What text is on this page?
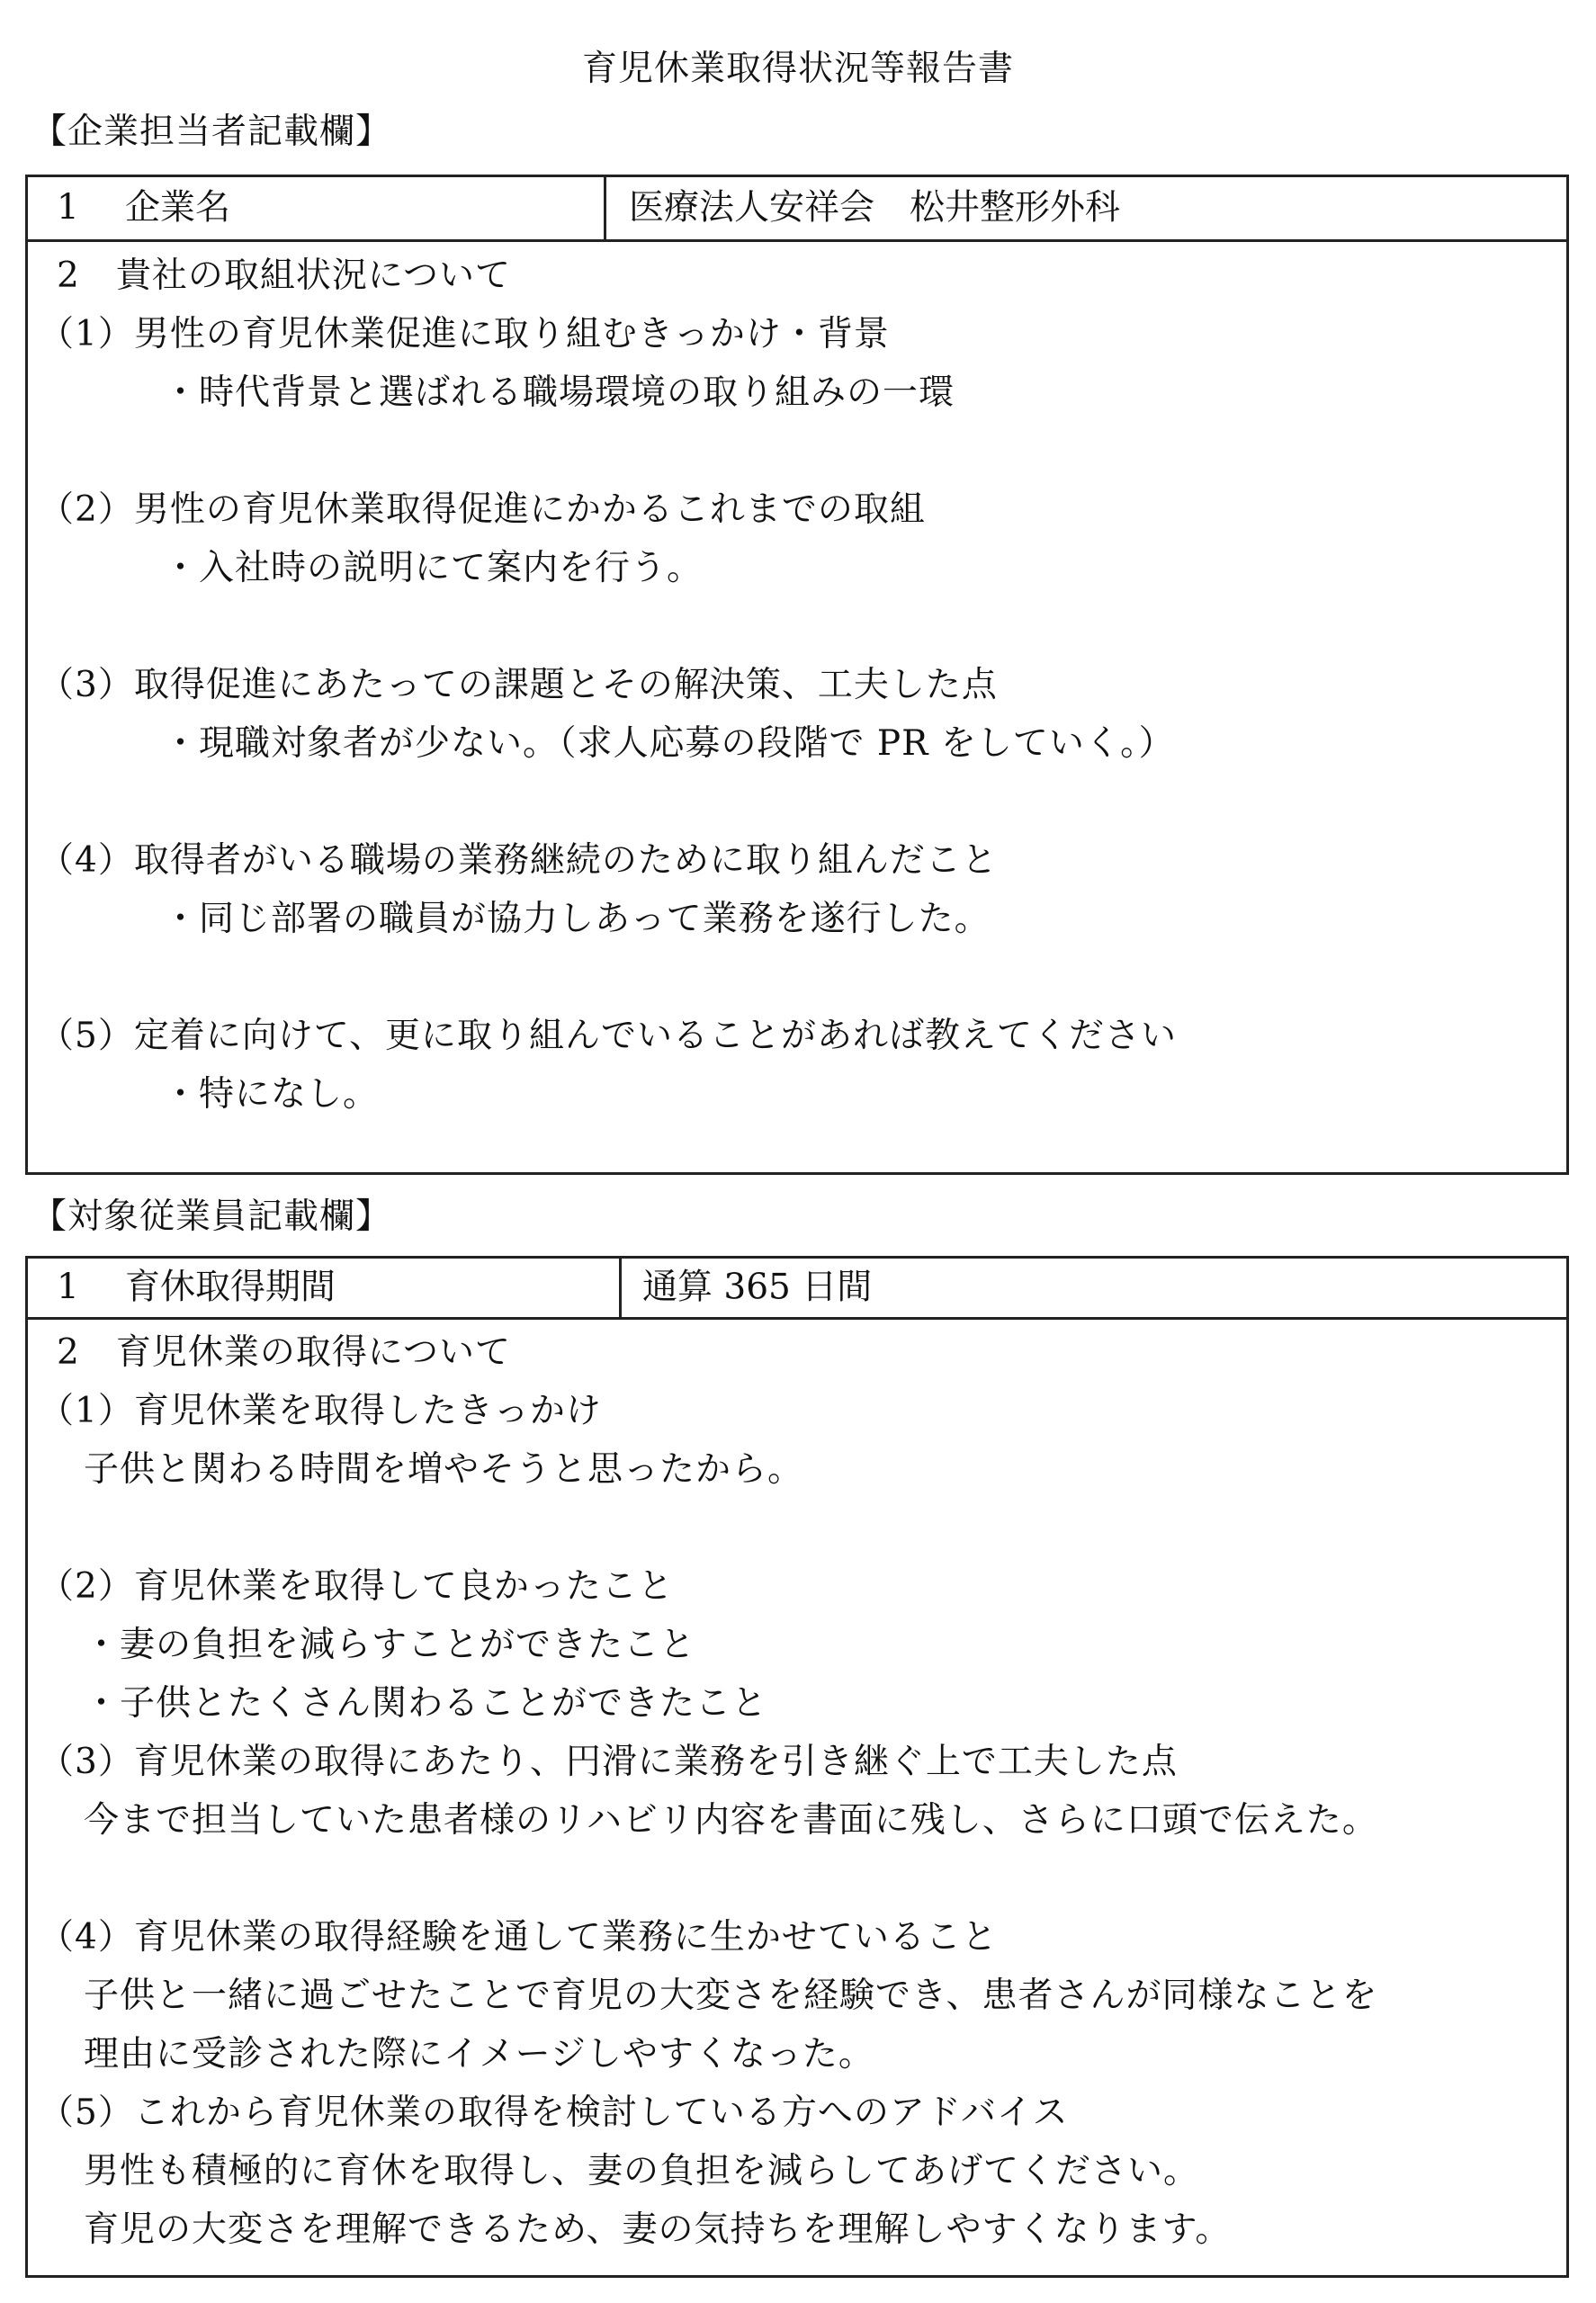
育児休業取得状況等報告書
【企業担当者記載欄】
1 企業名	医療法人安祥会　松井整形外科
2　貴社の取組状況について
（1）男性の育児休業促進に取り組むきっかけ・背景
・時代背景と選ばれる職場環境の取り組みの一環
（2）男性の育児休業取得促進にかかるこれまでの取組
・入社時の説明にて案内を行う。
（3）取得促進にあたっての課題とその解決策、工夫した点
・現職対象者が少ない。（求人応募の段階で PR をしていく。）
（4）取得者がいる職場の業務継続のために取り組んだこと
・同じ部署の職員が協力しあって業務を遂行した。
（5）定着に向けて、更に取り組んでいることがあれば教えてください
・特になし。
【対象従業員記載欄】
1 育休取得期間	通算 365 日間
2　育児休業の取得について
（1）育児休業を取得したきっかけ
子供と関わる時間を増やそうと思ったから。
（2）育児休業を取得して良かったこと
・妻の負担を減らすことができたこと
・子供とたくさん関わることができたこと
（3）育児休業の取得にあたり、円滑に業務を引き継ぐ上で工夫した点
今まで担当していた患者様のリハビリ内容を書面に残し、さらに口頭で伝えた。
（4）育児休業の取得経験を通して業務に生かせていること
子供と一緒に過ごせたことで育児の大変さを経験でき、患者さんが同様なことを
理由に受診された際にイメージしやすくなった。
（5）これから育児休業の取得を検討している方へのアドバイス
男性も積極的に育休を取得し、妻の負担を減らしてあげてください。
育児の大変さを理解できるため、妻の気持ちを理解しやすくなります。
